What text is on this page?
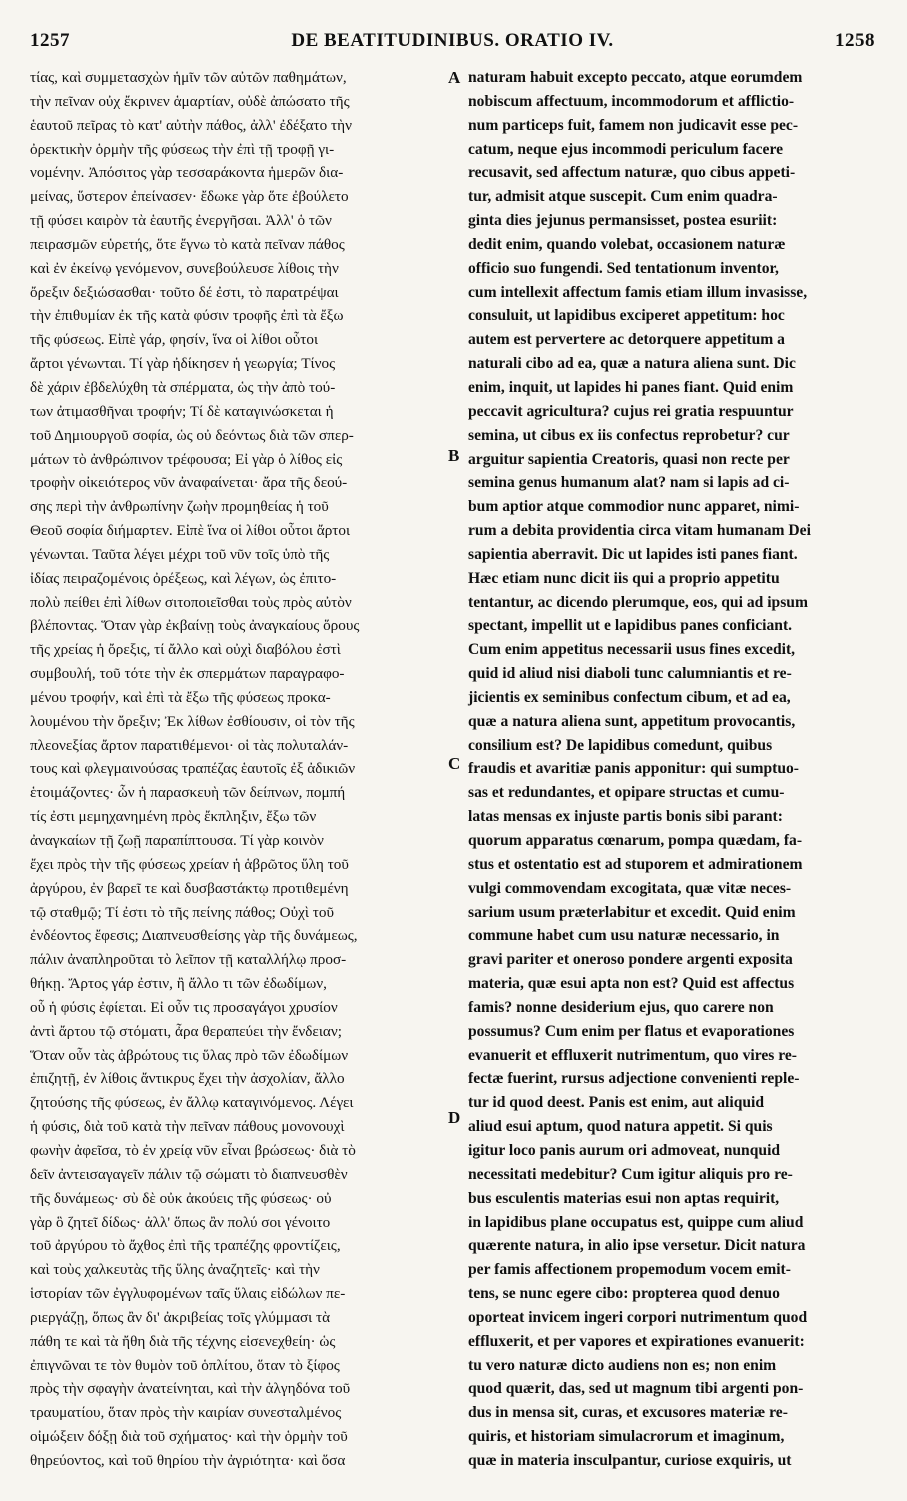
1257	DE BEATITUDINIBUS. ORATIO IV.	1258
τίας, καὶ συμμετασχὼν ἡμῖν τῶν αὐτῶν παθημάτων,
τὴν πεῖναν οὐχ ἔκρινεν ἁμαρτίαν, οὐδὲ ἀπώσατο τῆς
ἑαυτοῦ πεῖρας τὸ κατ' αὐτὴν πάθος, ἀλλ' ἐδέξατο τὴν
ὀρεκτικὴν ὁρμὴν τῆς φύσεως τὴν ἐπὶ τῇ τροφῇ γι-
νομένην. Ἀπόσιτος γὰρ τεσσαράκοντα ἡμερῶν δια-
μείνας, ὕστερον ἐπείνασεν· ἔδωκε γὰρ ὅτε ἐβούλετο
τῇ φύσει καιρὸν τὰ ἑαυτῆς ἐνεργῆσαι. Ἀλλ' ὁ τῶν
πειρασμῶν εὑρετής, ὅτε ἔγνω τὸ κατὰ πεῖναν πάθος
καὶ ἐν ἐκείνῳ γενόμενον, συνεβούλευσε λίθοις τὴν
ὄρεξιν δεξιώσασθαι· τοῦτο δέ ἐστι, τὸ παρατρέψαι
τὴν ἐπιθυμίαν ἐκ τῆς κατὰ φύσιν τροφῆς ἐπὶ τὰ ἔξω
τῆς φύσεως. Εἰπὲ γάρ, φησίν, ἵνα οἱ λίθοι οὗτοι
ἄρτοι γένωνται. Τί γὰρ ἠδίκησεν ἡ γεωργία; Τίνος
δὲ χάριν ἐβδελύχθη τὰ σπέρματα, ὡς τὴν ἀπὸ τού-
των ἀτιμασθῆναι τροφήν; Τί δὲ καταγινώσκεται ἡ
τοῦ Δημιουργοῦ σοφία, ὡς οὐ δεόντως διὰ τῶν σπερ-
μάτων τὸ ἀνθρώπινον τρέφουσα; Εἰ γὰρ ὁ λίθος εἰς
τροφὴν οἰκειότερος νῦν ἀναφαίνεται· ἄρα τῆς δεού-
σης περὶ τὴν ἀνθρωπίνην ζωὴν προμηθείας ἡ τοῦ
Θεοῦ σοφία διήμαρτεν. Εἰπὲ ἵνα οἱ λίθοι οὗτοι ἄρτοι
γένωνται. Ταῦτα λέγει μέχρι τοῦ νῦν τοῖς ὑπὸ τῆς
ἰδίας πειραζομένοις ὀρέξεως, καὶ λέγων, ὡς ἐπιτο-
πολὺ πείθει ἐπὶ λίθων σιτοποιεῖσθαι τοὺς πρὸς αὐτὸν
βλέποντας. Ὅταν γὰρ ἐκβαίνῃ τοὺς ἀναγκαίους ὅρους
τῆς χρείας ἡ ὄρεξις, τί ἄλλο καὶ οὐχὶ διαβόλου ἐστὶ
συμβουλή, τοῦ τότε τὴν ἐκ σπερμάτων παραγραφο-
μένου τροφήν, καὶ ἐπὶ τὰ ἔξω τῆς φύσεως προκα-
λουμένου τὴν ὄρεξιν; Ἐκ λίθων ἐσθίουσιν, οἱ τὸν τῆς
πλεονεξίας ἄρτον παρατιθέμενοι· οἱ τὰς πολυταλάν-
τους καὶ φλεγμαινούσας τραπέζας ἑαυτοῖς ἐξ ἀδικιῶν
ἑτοιμάζοντες· ὧν ἡ παρασκευὴ τῶν δείπνων, πομπή
τίς ἐστι μεμηχανημένη πρὸς ἔκπληξιν, ἔξω τῶν
ἀναγκαίων τῇ ζωῇ παραπίπτουσα. Τί γὰρ κοινὸν
ἔχει πρὸς τὴν τῆς φύσεως χρείαν ἡ ἁβρῶτος ὕλη τοῦ
ἀργύρου, ἐν βαρεῖ τε καὶ δυσβαστάκτῳ προτιθεμένη
τῷ σταθμῷ; Τί ἐστι τὸ τῆς πείνης πάθος; Οὐχὶ τοῦ
ἐνδέοντος ἔφεσις; Διαπνευσθείσης γὰρ τῆς δυνάμεως,
πάλιν ἀναπληροῦται τὸ λεῖπον τῇ καταλλήλῳ προσ-
θήκῃ. Ἄρτος γάρ ἐστιν, ἢ ἄλλο τι τῶν ἐδωδίμων,
οὗ ἡ φύσις ἐφίεται. Εἰ οὖν τις προσαγάγοι χρυσίον
ἀντὶ ἄρτου τῷ στόματι, ἆρα θεραπεύει τὴν ἔνδειαν;
Ὅταν οὖν τὰς ἀβρώτους τις ὕλας πρὸ τῶν ἐδωδίμων
ἐπιζητῇ, ἐν λίθοις ἄντικρυς ἔχει τὴν ἀσχολίαν, ἄλλο
ζητούσης τῆς φύσεως, ἐν ἄλλῳ καταγινόμενος. Λέγει
ἡ φύσις, διὰ τοῦ κατὰ τὴν πεῖναν πάθους μονονουχὶ
φωνὴν ἀφεῖσα, τὸ ἐν χρείᾳ νῦν εἶναι βρώσεως· διὰ τὸ
δεῖν ἀντεισαγαγεῖν πάλιν τῷ σώματι τὸ διαπνευσθὲν
τῆς δυνάμεως· σὺ δὲ οὐκ ἀκούεις τῆς φύσεως· οὐ
γὰρ ὃ ζητεῖ δίδως· ἀλλ' ὅπως ἂν πολύ σοι γένοιτο
τοῦ ἀργύρου τὸ ἄχθος ἐπὶ τῆς τραπέζης φροντίζεις,
καὶ τοὺς χαλκευτὰς τῆς ὕλης ἀναζητεῖς· καὶ τὴν
ἱστορίαν τῶν ἐγγλυφομένων ταῖς ὕλαις εἰδώλων πε-
ριεργάζῃ, ὅπως ἂν δι' ἀκριβείας τοῖς γλύμμασι τὰ
πάθη τε καὶ τὰ ἤθη διὰ τῆς τέχνης εἰσενεχθείη· ὡς
ἐπιγνῶναι τε τὸν θυμὸν τοῦ ὁπλίτου, ὅταν τὸ ξίφος
πρὸς τὴν σφαγὴν ἀνατείνηται, καὶ τὴν ἀλγηδόνα τοῦ
τραυματίου, ὅταν πρὸς τὴν καιρίαν συνεσταλμένος
οἰμώξειν δόξῃ διὰ τοῦ σχήματος· καὶ τὴν ὁρμὴν τοῦ
θηρεύοντος, καὶ τοῦ θηρίου τὴν ἀγριότητα· καὶ ὅσα
naturam habuit excepto peccato, atque eorumdem
nobiscum affectuum, incommodorum et afflictio-
num particeps fuit, famem non judicavit esse pec-
catum, neque ejus incommodi periculum facere
recusavit, sed affectum naturæ, quo cibus appeti-
tur, admisit atque suscepit. Cum enim quadra-
ginta dies jejunus permansisset, postea esuriit:
dedit enim, quando volebat, occasionem naturæ
officio suo fungendi. Sed tentationum inventor,
cum intellexit affectum famis etiam illum invasisse,
consuluit, ut lapidibus exciperet appetitum: hoc
autem est pervertere ac detorquere appetitum a
naturali cibo ad ea, quæ a natura aliena sunt. Dic
enim, inquit, ut lapides hi panes fiant. Quid enim
peccavit agricultura? cujus rei gratia respuuntur
semina, ut cibus ex iis confectus reprobetur? cur
arguitur sapientia Creatoris, quasi non recte per
semina genus humanum alat? nam si lapis ad ci-
bum aptior atque commodior nunc apparet, nimi-
rum a debita providentia circa vitam humanam Dei
sapientia aberravit. Dic ut lapides isti panes fiant.
Hæc etiam nunc dicit iis qui a proprio appetitu
tentantur, ac dicendo plerumque, eos, qui ad ipsum
spectant, impellit ut e lapidibus panes conficiant.
Cum enim appetitus necessarii usus fines excedit,
quid id aliud nisi diaboli tunc calumniantis et re-
jicientis ex seminibus confectum cibum, et ad ea,
quæ a natura aliena sunt, appetitum provocantis,
consilium est? De lapidibus comedunt, quibus
fraudis et avaritiæ panis apponitur: qui sumptuo-
sas et redundantes, et opipare structas et cumu-
latas mensas ex injuste partis bonis sibi parant:
quorum apparatus cœnarum, pompa quædam, fa-
stus et ostentatio est ad stuporem et admirationem
vulgi commovendam excogitata, quæ vitæ neces-
sarium usum præterlabitur et excedit. Quid enim
commune habet cum usu naturæ necessario, in
gravi pariter et oneroso pondere argenti exposita
materia, quæ esui apta non est? Quid est affectus
famis? nonne desiderium ejus, quo carere non
possumus? Cum enim per flatus et evaporationes
evanuerit et effluxerit nutrimentum, quo vires re-
fectæ fuerint, rursus adjectione convenienti reple-
tur id quod deest. Panis est enim, aut aliquid
aliud esui aptum, quod natura appetit. Si quis
igitur loco panis aurum ori admoveat, nunquid
necessitati medebitur? Cum igitur aliquis pro re-
bus esculentis materias esui non aptas requirit,
in lapidibus plane occupatus est, quippe cum aliud
quærente natura, in alio ipse versetur. Dicit natura
per famis affectionem propemodum vocem emit-
tens, se nunc egere cibo: propterea quod denuo
oporteat invicem ingeri corpori nutrimentum quod
effluxerit, et per vapores et expirationes evanuerit:
tu vero naturæ dicto audiens non es; non enim
quod quærit, das, sed ut magnum tibi argenti pon-
dus in mensa sit, curas, et excusores materiæ re-
quiris, et historiam simulacrorum et imaginum,
quæ in materia insculpantur, curiose exquiris, ut
A
B
C
D
